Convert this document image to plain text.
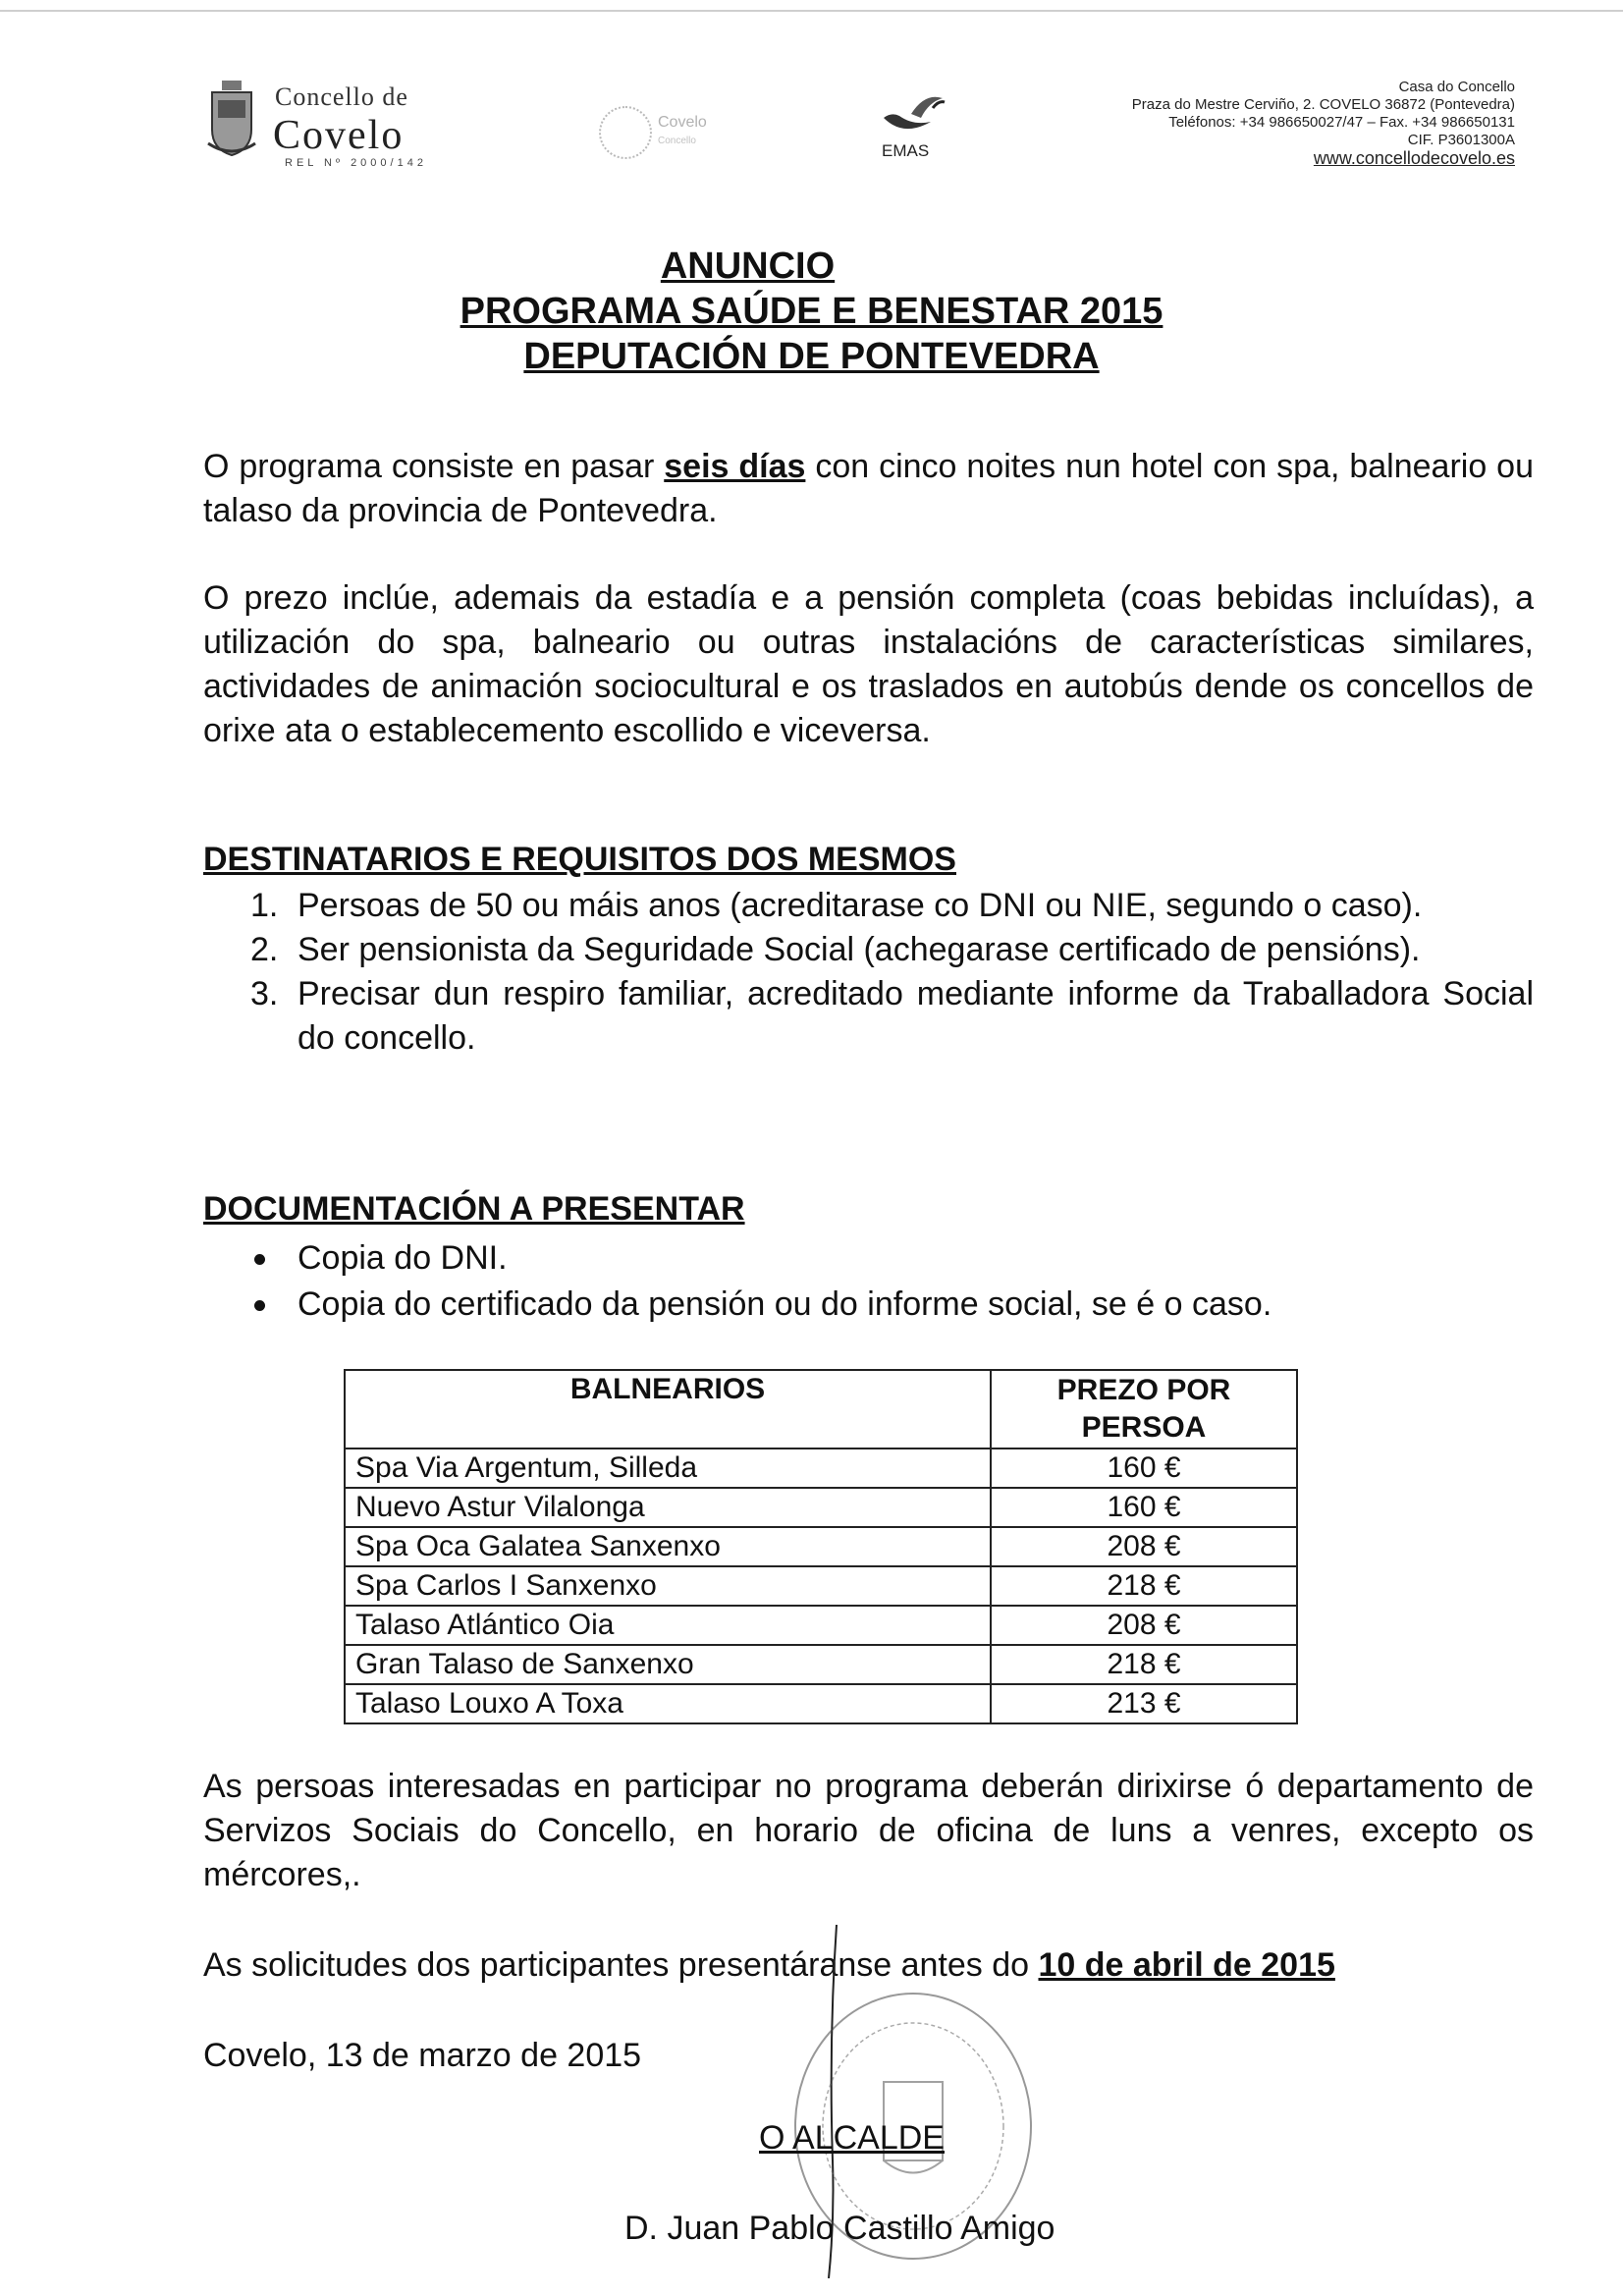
Concello de
Covelo
REL Nº 2000/142
Covelo
Concello
EMAS
Casa do Concello
Praza do Mestre Cerviño, 2. COVELO 36872 (Pontevedra)
Teléfonos: +34 986650027/47 – Fax. +34 986650131
CIF. P3601300A
www.concellodecovelo.es
ANUNCIO
PROGRAMA SAÚDE E BENESTAR 2015
DEPUTACIÓN DE PONTEVEDRA
O programa consiste en pasar seis días con cinco noites nun hotel con spa, balneario ou talaso da provincia de Pontevedra.
O prezo inclúe, ademais da estadía e a pensión completa (coas bebidas incluídas), a utilización do spa, balneario ou outras instalacións de características similares, actividades de animación sociocultural e os traslados en autobús dende os concellos de orixe ata o establecemento escollido e viceversa.
DESTINATARIOS E REQUISITOS DOS MESMOS
1. Persoas de 50 ou máis anos (acreditarase co DNI ou NIE, segundo o caso).
2. Ser pensionista da Seguridade Social (achegarase certificado de pensións).
3. Precisar dun respiro familiar, acreditado mediante informe da Traballadora Social do concello.
DOCUMENTACIÓN A PRESENTAR
Copia do DNI.
Copia do certificado da pensión ou do informe social, se é o caso.
BALNEARIOS	PREZO POR PERSOA
Spa Via Argentum, Silleda	160 €
Nuevo Astur Vilalonga	160 €
Spa Oca Galatea Sanxenxo	208 €
Spa Carlos I Sanxenxo	218 €
Talaso Atlántico Oia	208 €
Gran Talaso de Sanxenxo	218 €
Talaso Louxo A Toxa	213 €
As persoas interesadas en participar no programa deberán dirixirse ó departamento de Servizos Sociais do Concello, en horario de oficina de luns a venres, excepto os mércores,.
As solicitudes dos participantes presentáranse antes do 10 de abril de 2015
Covelo, 13 de marzo de 2015
O ALCALDE
D. Juan Pablo Castillo Amigo
